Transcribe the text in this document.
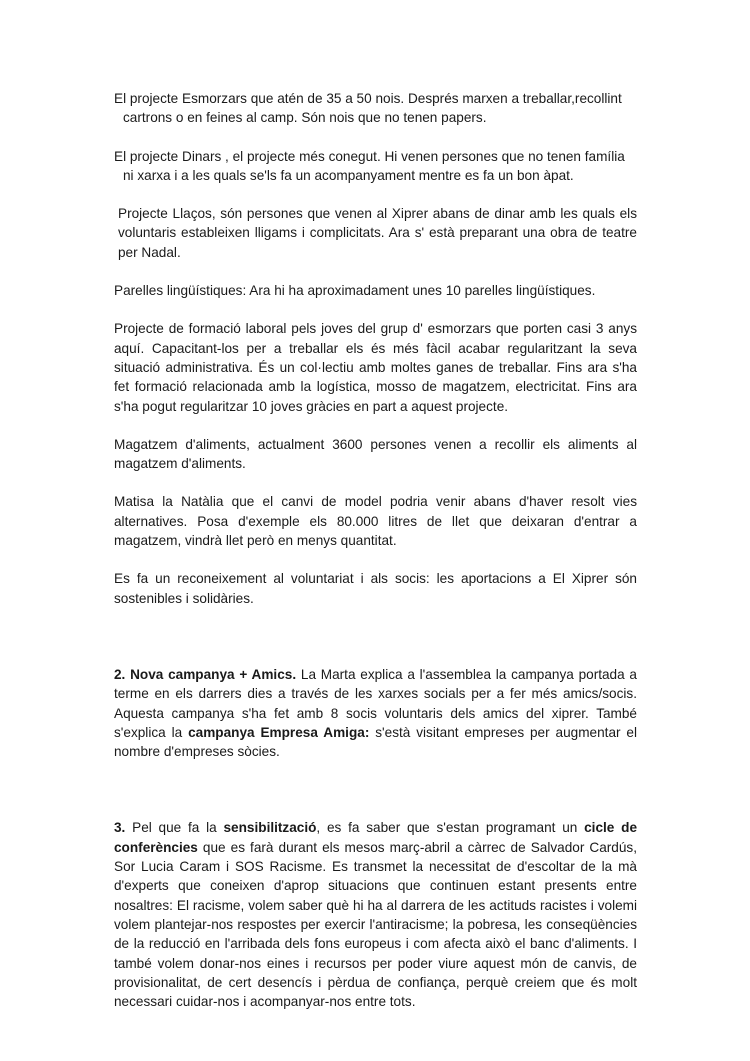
El projecte Esmorzars que atén de 35 a 50 nois. Després marxen a treballar,recollint cartrons o en feines al camp. Són nois que no tenen papers.

El projecte Dinars , el projecte més conegut. Hi venen persones que no tenen família ni xarxa i a les quals se'ls fa un acompanyament mentre es fa un bon àpat.

Projecte Llaços, són persones que venen al Xiprer abans de dinar amb les quals els voluntaris estableixen lligams i complicitats. Ara s' està preparant una obra de teatre per Nadal.

Parelles lingüístiques: Ara hi ha aproximadament unes 10 parelles lingüístiques.

Projecte de formació laboral pels joves del grup d' esmorzars que porten casi 3 anys aquí. Capacitant-los per a treballar els és més fàcil acabar regularitzant la seva situació administrativa. És un col·lectiu amb moltes ganes de treballar. Fins ara s'ha fet formació relacionada amb la logística, mosso de magatzem, electricitat. Fins ara s'ha pogut regularitzar 10 joves gràcies en part a aquest projecte.

Magatzem d'aliments, actualment 3600 persones venen a recollir els aliments al magatzem d'aliments.

Matisa la Natàlia que el canvi de model podria venir abans d'haver resolt vies alternatives. Posa d'exemple els 80.000 litres de llet que deixaran d'entrar a magatzem, vindrà llet però en menys quantitat.

Es fa un reconeixement al voluntariat i als socis: les aportacions a El Xiprer són sostenibles i solidàries.

2. Nova campanya + Amics. La Marta explica a l'assemblea la campanya portada a terme en els darrers dies a través de les xarxes socials per a fer més amics/socis. Aquesta campanya s'ha fet amb 8 socis voluntaris dels amics del xiprer. També s'explica la campanya Empresa Amiga: s'està visitant empreses per augmentar el nombre d'empreses sòcies.

3. Pel que fa la sensibilització, es fa saber que s'estan programant un cicle de conferències que es farà durant els mesos març-abril a càrrec de Salvador Cardús, Sor Lucia Caram i SOS Racisme. Es transmet la necessitat de d'escoltar de la mà d'experts que coneixen d'aprop situacions que continuen estant presents entre nosaltres: El racisme, volem saber què hi ha al darrera de les actituds racistes i volemi volem plantejar-nos respostes per exercir l'antiracisme; la pobresa, les conseqüències de la reducció en l'arribada dels fons europeus i com afecta això el banc d'aliments. I també volem donar-nos eines i recursos per poder viure aquest món de canvis, de provisionalitat, de cert desencís i pèrdua de confiança, perquè creiem que és molt necessari cuidar-nos i acompanyar-nos entre tots.
